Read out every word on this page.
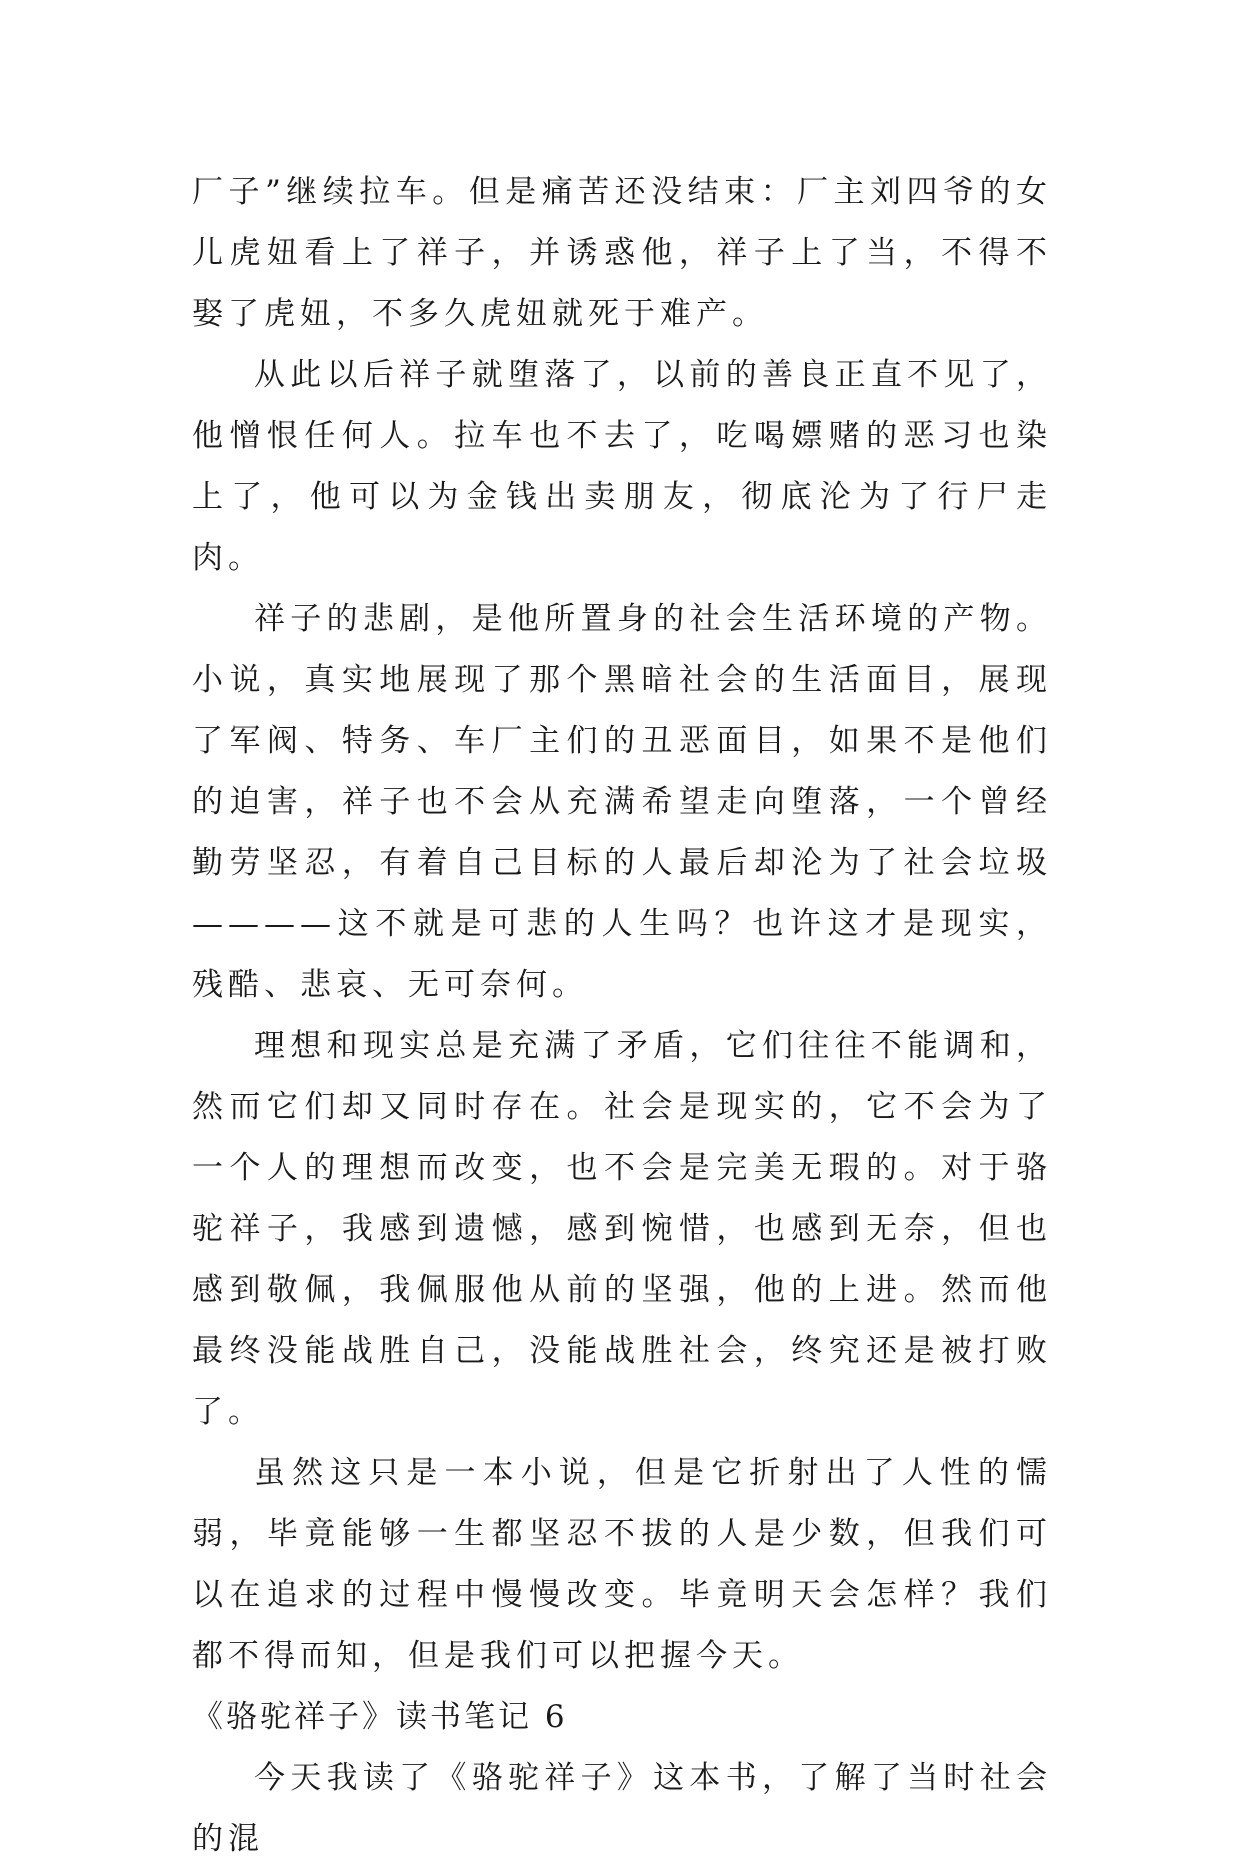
厂子”继续拉车。但是痛苦还没结束：厂主刘四爷的女儿虎妞看上了祥子，并诱惑他，祥子上了当，不得不娶了虎妞，不多久虎妞就死于难产。

从此以后祥子就堕落了，以前的善良正直不见了，他憎恨任何人。拉车也不去了，吃喝嫖赌的恶习也染上了，他可以为金钱出卖朋友，彻底沦为了行尸走肉。

祥子的悲剧，是他所置身的社会生活环境的产物。小说，真实地展现了那个黑暗社会的生活面目，展现了军阀、特务、车厂主们的丑恶面目，如果不是他们的迫害，祥子也不会从充满希望走向堕落，一个曾经勤劳坚忍，有着自己目标的人最后却沦为了社会垃圾————这不就是可悲的人生吗？也许这才是现实，残酷、悲哀、无可奈何。

理想和现实总是充满了矛盾，它们往往不能调和，然而它们却又同时存在。社会是现实的，它不会为了一个人的理想而改变，也不会是完美无瑕的。对于骆驼祥子，我感到遗憾，感到惋惜，也感到无奈，但也感到敬佩，我佩服他从前的坚强，他的上进。然而他最终没能战胜自己，没能战胜社会，终究还是被打败了。

虽然这只是一本小说，但是它折射出了人性的懦弱，毕竟能够一生都坚忍不拔的人是少数，但我们可以在追求的过程中慢慢改变。毕竟明天会怎样？我们都不得而知，但是我们可以把握今天。

《骆驼祥子》读书笔记 6

今天我读了《骆驼祥子》这本书，了解了当时社会的混
